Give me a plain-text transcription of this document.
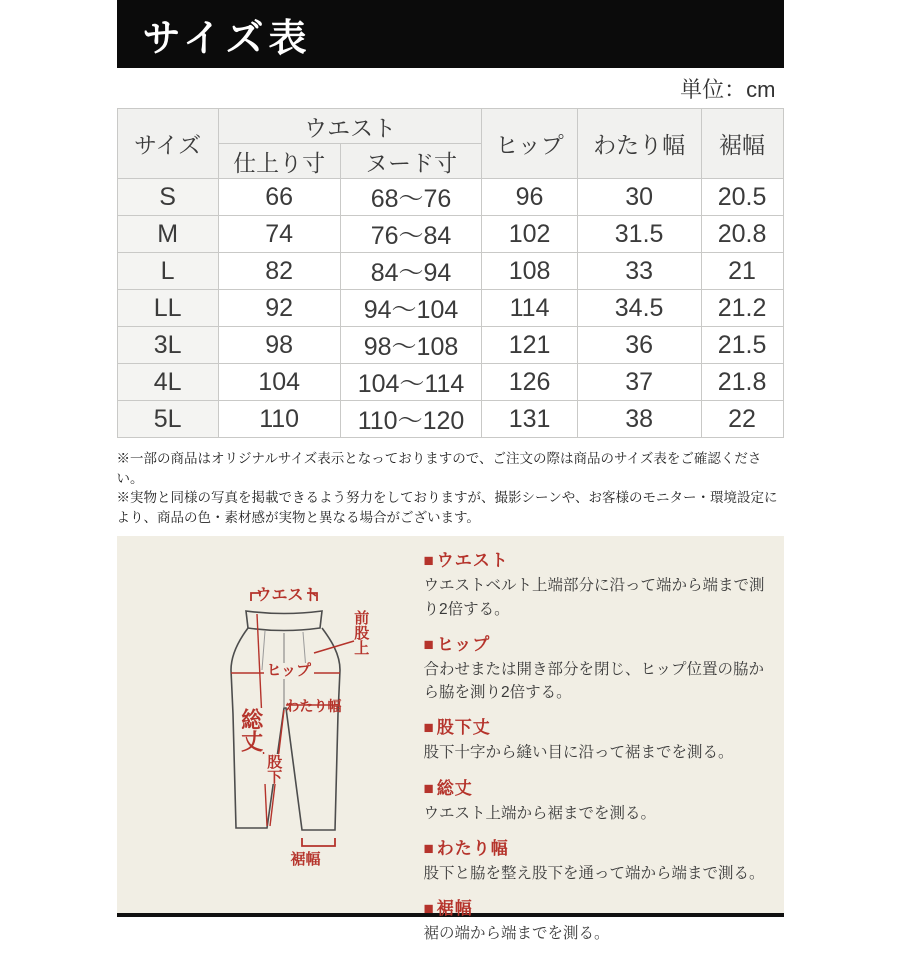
サイズ表
単位：cm
サイズ	ウエスト		ヒップ	わたり幅	裾幅
	仕上り寸	ヌード寸			
S	66	68〜76	96	30	20.5
M	74	76〜84	102	31.5	20.8
L	82	84〜94	108	33	21
LL	92	94〜104	114	34.5	21.2
3L	98	98〜108	121	36	21.5
4L	104	104〜114	126	37	21.8
5L	110	110〜120	131	38	22
※一部の商品はオリジナルサイズ表示となっておりますので、ご注文の際は商品のサイズ表をご確認ください。
※実物と同様の写真を掲載できるよう努力をしておりますが、撮影シーンや、お客様のモニター・環境設定により、商品の色・素材感が実物と異なる場合がございます。
ウエスト
前股上
ヒップ
わたり幅
総丈
股下
裾幅
■ ウエスト
ウエストベルト上端部分に沿って端から端まで測り2倍する。
■ ヒップ
合わせまたは開き部分を閉じ、ヒップ位置の脇から脇を測り2倍する。
■ 股下丈
股下十字から縫い目に沿って裾までを測る。
■ 総丈
ウエスト上端から裾までを測る。
■ わたり幅
股下と脇を整え股下を通って端から端まで測る。
■ 裾幅
裾の端から端までを測る。
